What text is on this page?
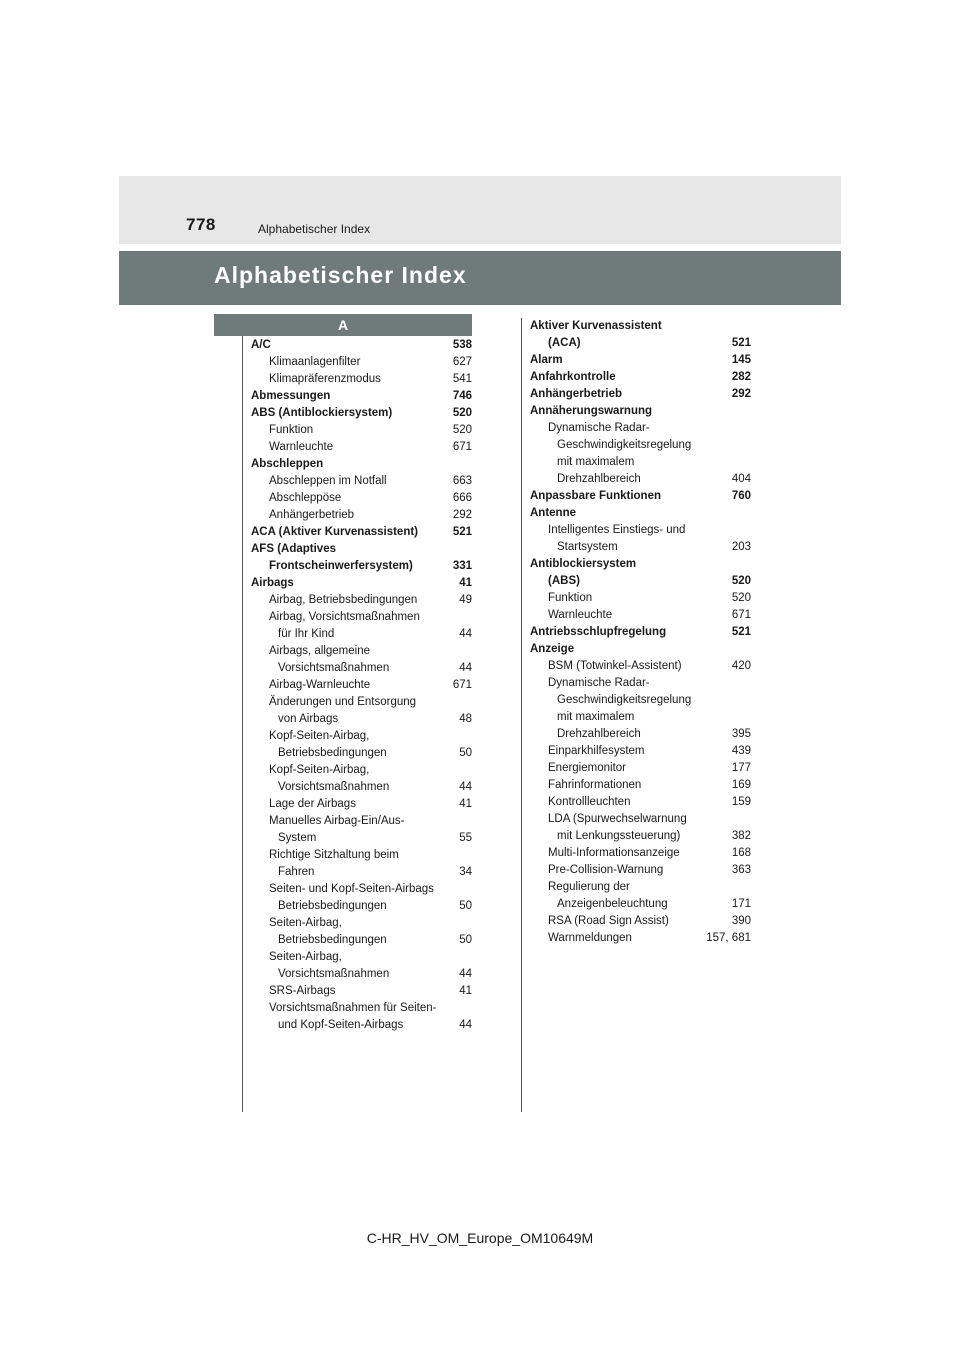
778	Alphabetischer Index
Alphabetischer Index
A
A/C	538
Klimaanlagenfilter	627
Klimapräferenzmodus	541
Abmessungen	746
ABS (Antiblockiersystem)	520
Funktion	520
Warnleuchte	671
Abschleppen
Abschleppen im Notfall	663
Abschleppöse	666
Anhängerbetrieb	292
ACA (Aktiver Kurvenassistent)	521
AFS (Adaptives
Frontscheinwerfersystem)	331
Airbags	41
Airbag, Betriebsbedingungen	49
Airbag, Vorsichtsmaßnahmen
für Ihr Kind	44
Airbags, allgemeine
Vorsichtsmaßnahmen	44
Airbag-Warnleuchte	671
Änderungen und Entsorgung
von Airbags	48
Kopf-Seiten-Airbag,
Betriebsbedingungen	50
Kopf-Seiten-Airbag,
Vorsichtsmaßnahmen	44
Lage der Airbags	41
Manuelles Airbag-Ein/Aus-
System	55
Richtige Sitzhaltung beim
Fahren	34
Seiten- und Kopf-Seiten-Airbags
Betriebsbedingungen	50
Seiten-Airbag,
Betriebsbedingungen	50
Seiten-Airbag,
Vorsichtsmaßnahmen	44
SRS-Airbags	41
Vorsichtsmaßnahmen für Seiten-
und Kopf-Seiten-Airbags	44
Aktiver Kurvenassistent
(ACA)	521
Alarm	145
Anfahrkontrolle	282
Anhängerbetrieb	292
Annäherungswarnung
Dynamische Radar-
Geschwindigkeitsregelung
mit maximalem
Drehzahlbereich	404
Anpassbare Funktionen	760
Antenne
Intelligentes Einstiegs- und
Startsystem	203
Antiblockiersystem
(ABS)	520
Funktion	520
Warnleuchte	671
Antriebsschlupfregelung	521
Anzeige
BSM (Totwinkel-Assistent)	420
Dynamische Radar-
Geschwindigkeitsregelung
mit maximalem
Drehzahlbereich	395
Einparkhilfesystem	439
Energiemonitor	177
Fahrinformationen	169
Kontrollleuchten	159
LDA (Spurwechselwarnung
mit Lenkungssteuerung)	382
Multi-Informationsanzeige	168
Pre-Collision-Warnung	363
Regulierung der
Anzeigenbeleuchtung	171
RSA (Road Sign Assist)	390
Warnmeldungen	157, 681
C-HR_HV_OM_Europe_OM10649M
